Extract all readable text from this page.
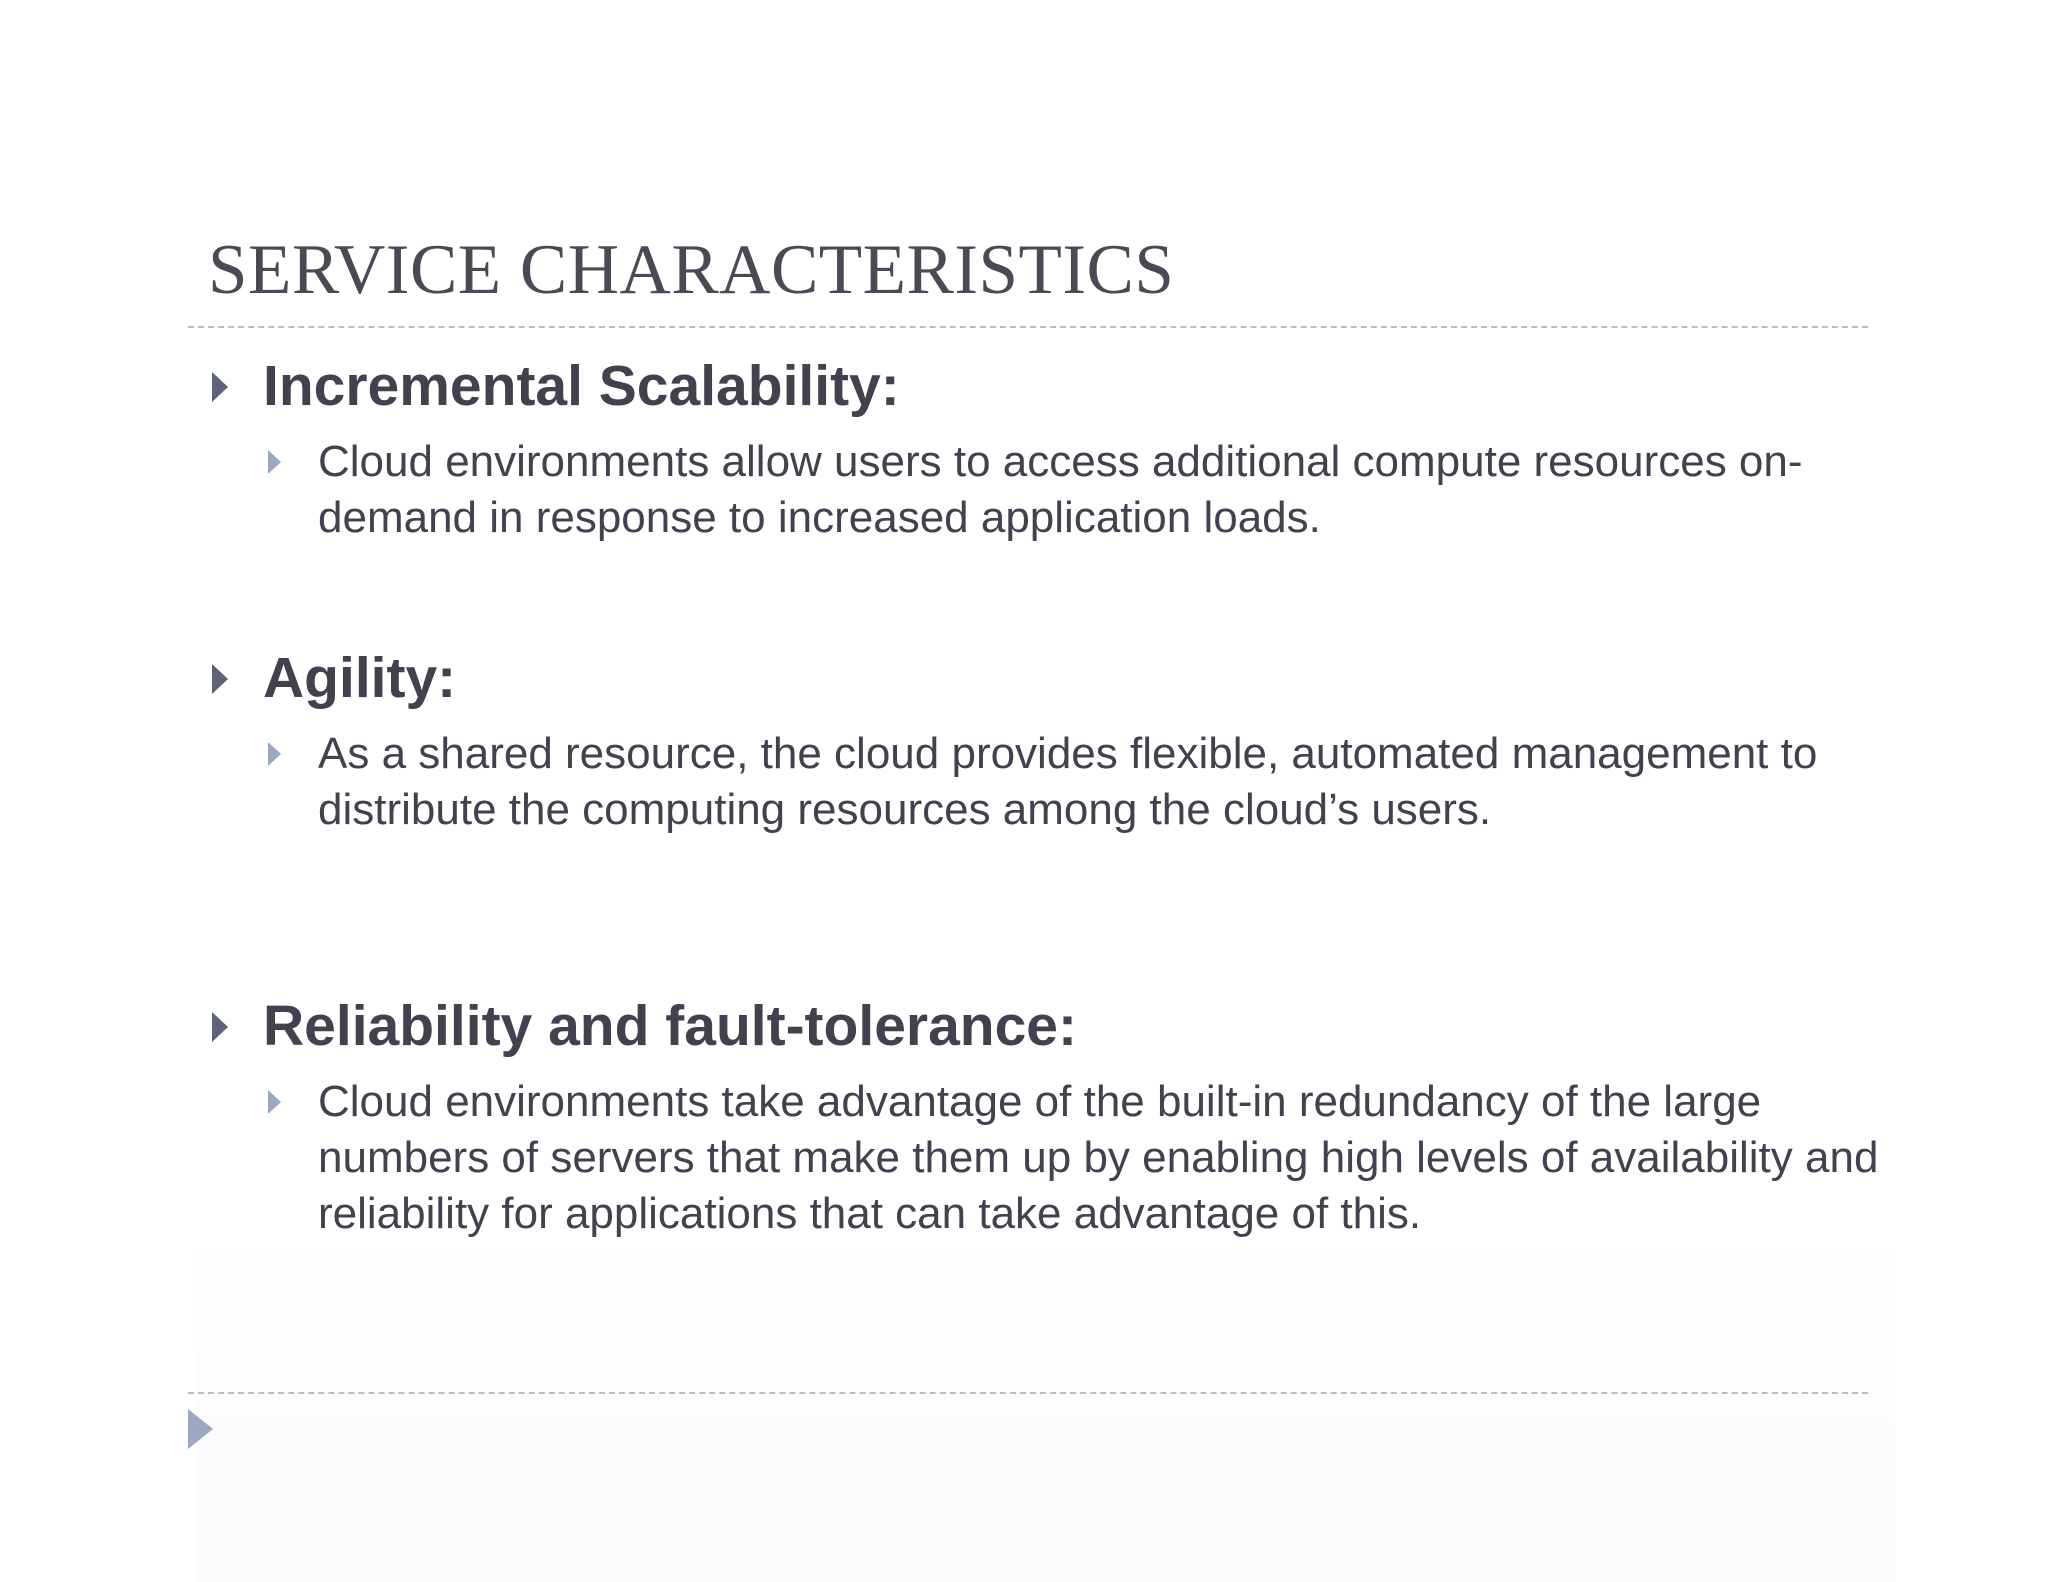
SERVICE CHARACTERISTICS
Incremental Scalability:

Cloud environments allow users to access additional compute resources on-demand in response to increased application loads.

Agility:

As a shared resource, the cloud provides flexible, automated management to distribute the computing resources among the cloud’s users.

Reliability and fault-tolerance:

Cloud environments take advantage of the built-in redundancy of the large numbers of servers that make them up by enabling high levels of availability and reliability for applications that can take advantage of this.
